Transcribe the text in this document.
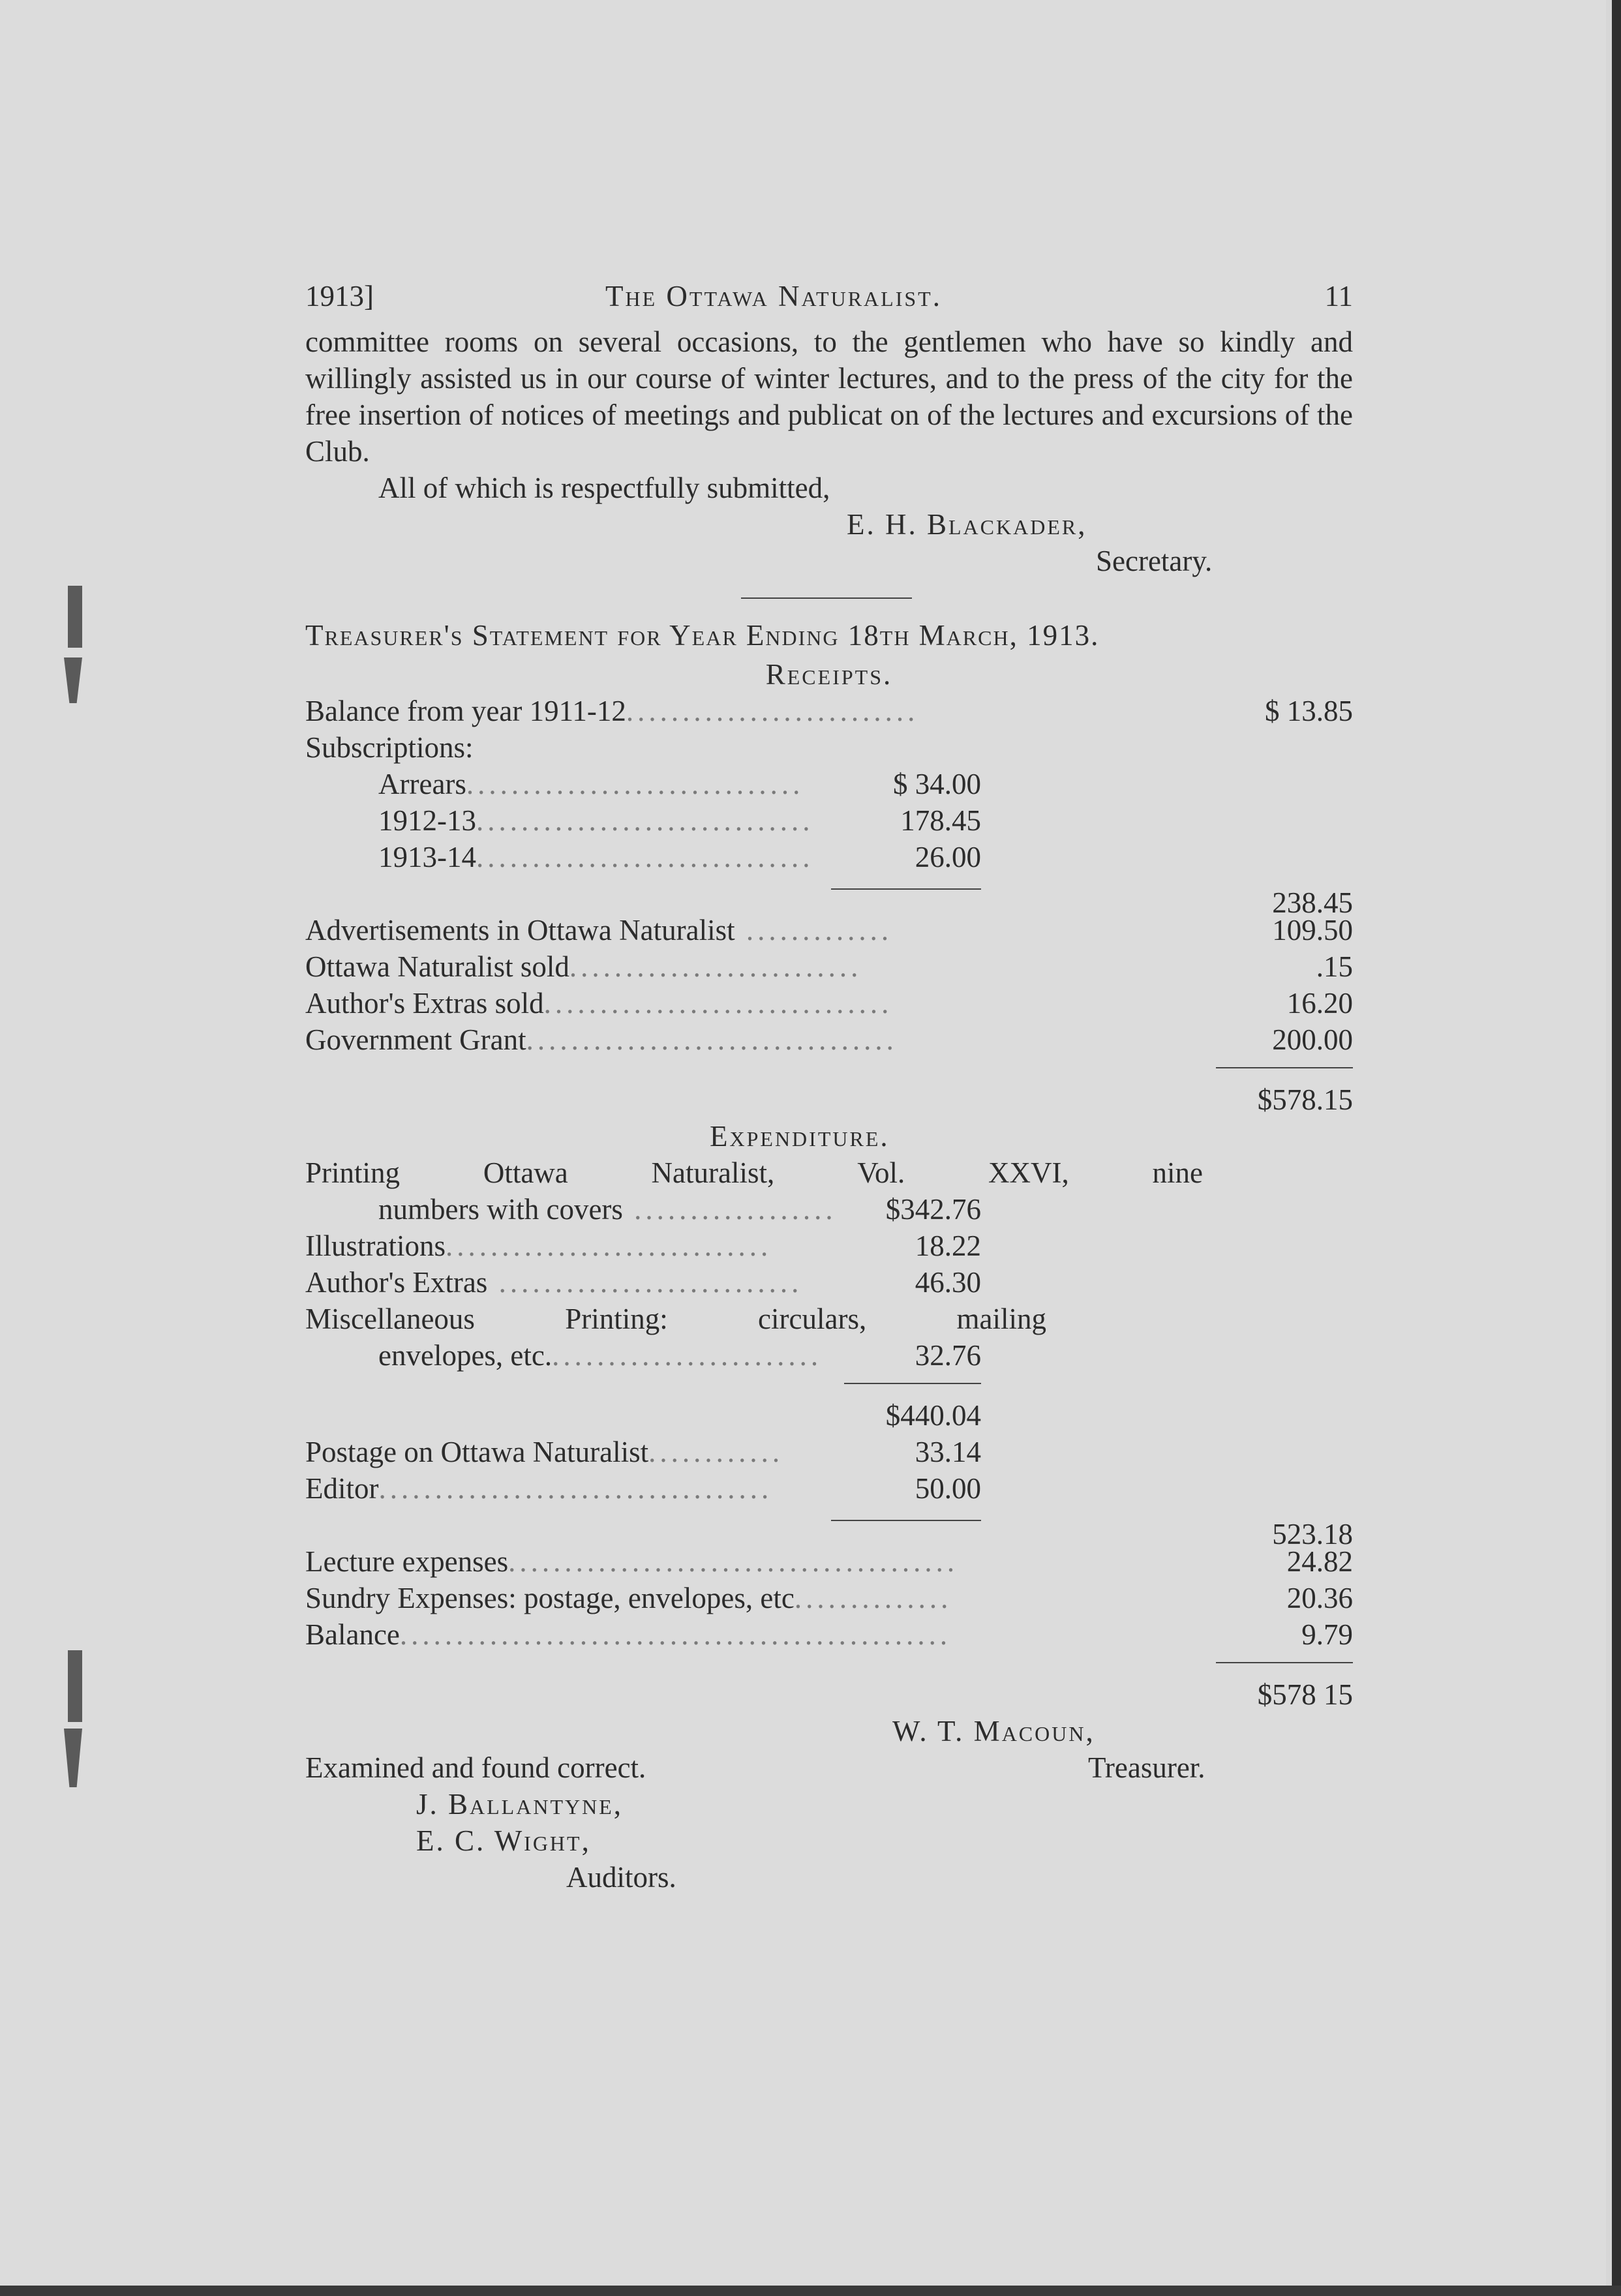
1913]	The Ottawa Naturalist.	11

committee rooms on several occasions, to the gentlemen who have so kindly and willingly assisted us in our course of winter lectures, and to the press of the city for the free insertion of notices of meetings and publicat on of the lectures and excursions of the Club.

All of which is respectfully submitted,
E. H. Blackader,
Secretary.
Treasurer's Statement for Year Ending 18th March, 1913.
Receipts.
Balance from year 1911-12..........................	$ 13.85
Subscriptions:
Arrears..............................	$ 34.00
1912-13..............................	178.45
1913-14..............................	26.00
238.45
Advertisements in Ottawa Naturalist .............	109.50
Ottawa Naturalist sold..........................	.15
Author's Extras sold...............................	16.20
Government Grant.................................	200.00
$578.15
Expenditure.
Printing Ottawa Naturalist, Vol. XXVI, nine
numbers with covers .................. $342.76
Illustrations.............................	18.22
Author's Extras ...........................	46.30
Miscellaneous Printing: circulars, mailing
envelopes, etc.........................	32.76
$440.04
Postage on Ottawa Naturalist............	33.14
Editor...................................	50.00
523.18
Lecture expenses........................................	24.82
Sundry Expenses: postage, envelopes, etc..............	20.36
Balance.................................................	9.79
$578 15
W. T. Macoun,
Examined and found correct.	Treasurer.
J. Ballantyne,
E. C. Wight,
Auditors.
